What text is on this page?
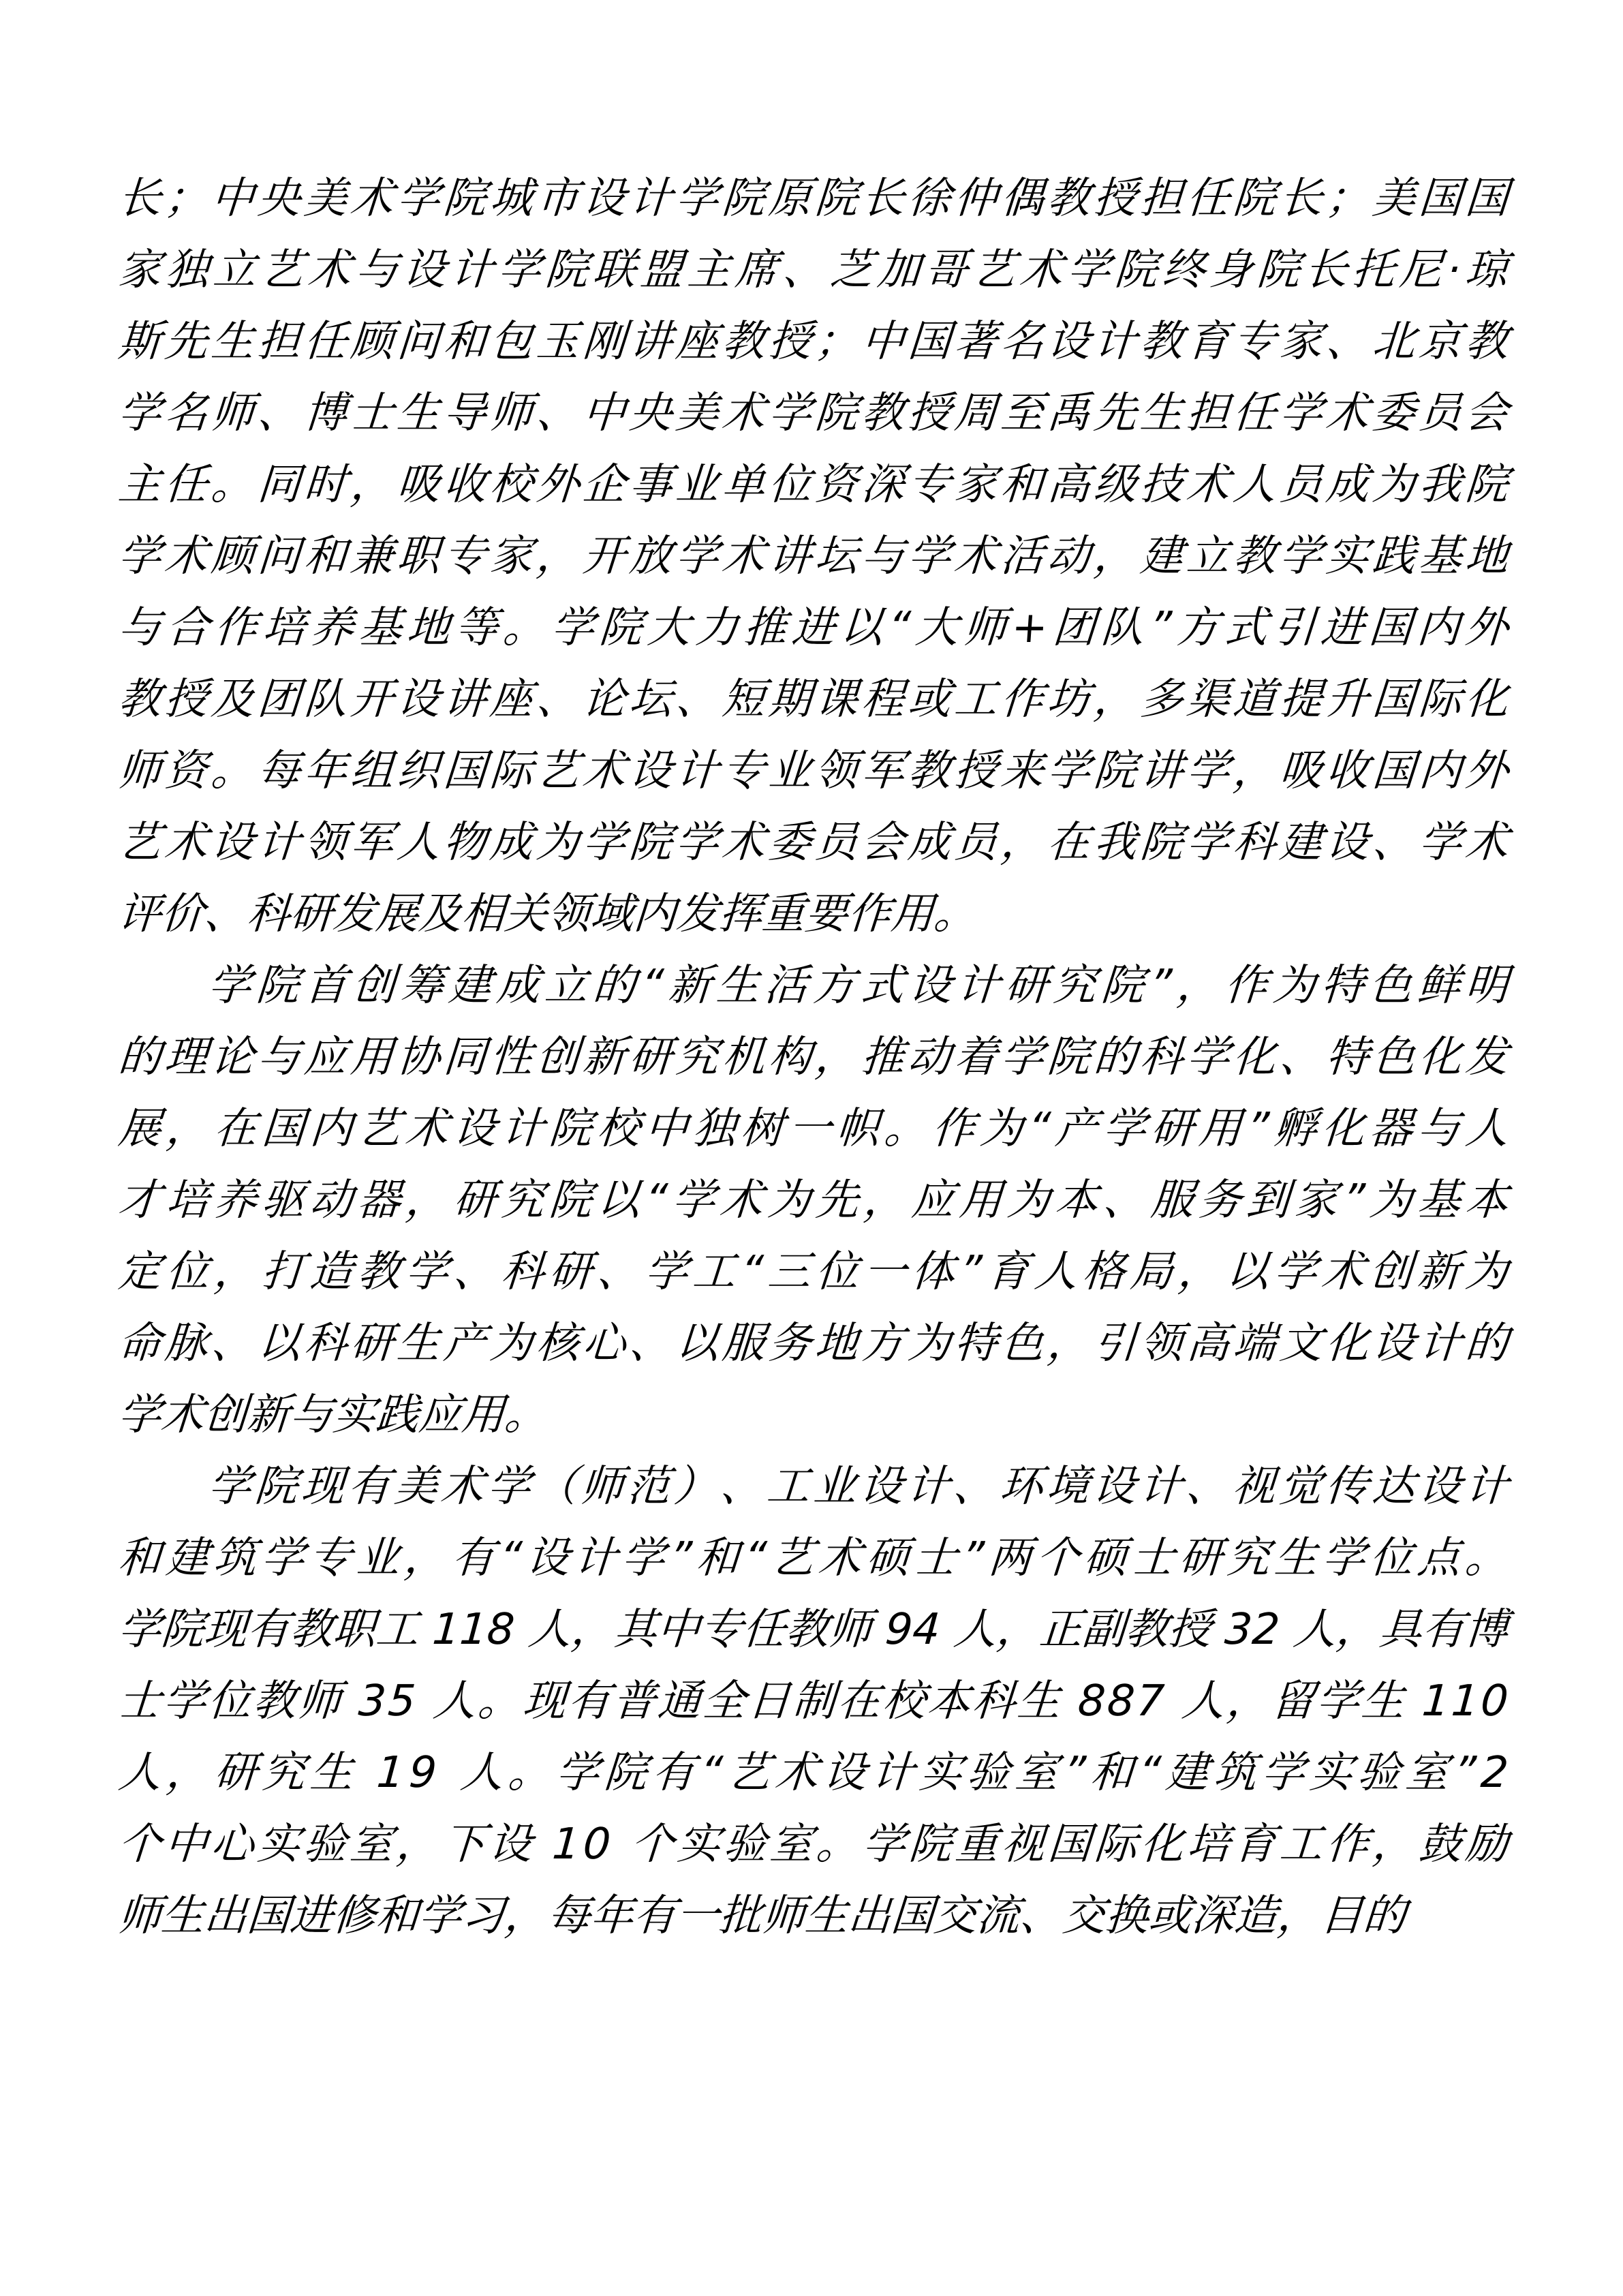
长 ； 中 央 美 术 学 院 城 市 设 计 学 院 原 院 长 徐 仲 偶 教 授 担 任 院 长 ； 美 国 国
家 独 立 艺 术 与 设 计 学 院 联 盟 主 席 、 芝 加 哥 艺 术 学 院 终 身 院 长 托 尼 · 琼
斯 先 生 担 任 顾 问 和 包 玉 刚 讲 座 教 授 ； 中 国 著 名 设 计 教 育 专 家 、 北 京 教
学 名 师 、 博 士 生 导 师 、 中 央 美 术 学 院 教 授 周 至 禹 先 生 担 任 学 术 委 员 会
主 任 。 同 时 ， 吸 收 校 外 企 事 业 单 位 资 深 专 家 和 高 级 技 术 人 员 成 为 我 院
学 术 顾 问 和 兼 职 专 家 ， 开 放 学 术 讲 坛 与 学 术 活 动 ， 建 立 教 学 实 践 基 地
与 合 作 培 养 基 地 等 。 学 院 大 力 推 进 以 “ 大 师 + 团 队 ” 方 式 引 进 国 内 外
教 授 及 团 队 开 设 讲 座 、 论 坛 、 短 期 课 程 或 工 作 坊 ， 多 渠 道 提 升 国 际 化
师 资 。 每 年 组 织 国 际 艺 术 设 计 专 业 领 军 教 授 来 学 院 讲 学 ， 吸 收 国 内 外
艺 术 设 计 领 军 人 物 成 为 学 院 学 术 委 员 会 成 员 ， 在 我 院 学 科 建 设 、 学 术
评价、科研发展及相关领域内发挥重要作用。
学 院 首 创 筹 建 成 立 的 “ 新 生 活 方 式 设 计 研 究 院 ” ， 作 为 特 色 鲜 明
的 理 论 与 应 用 协 同 性 创 新 研 究 机 构 ， 推 动 着 学 院 的 科 学 化 、 特 色 化 发
展 ， 在 国 内 艺 术 设 计 院 校 中 独 树 一 帜 。 作 为 “ 产 学 研 用 ” 孵 化 器 与 人
才 培 养 驱 动 器 ， 研 究 院 以 “ 学 术 为 先 ， 应 用 为 本 、 服 务 到 家 ” 为 基 本
定 位 ， 打 造 教 学 、 科 研 、 学 工 “ 三 位 一 体 ” 育 人 格 局 ， 以 学 术 创 新 为
命 脉 、 以 科 研 生 产 为 核 心 、 以 服 务 地 方 为 特 色 ， 引 领 高 端 文 化 设 计 的
学术创新与实践应用。
学 院 现 有 美 术 学 （ 师 范 ） 、 工 业 设 计 、 环 境 设 计 、 视 觉 传 达 设 计
和 建 筑 学 专 业 ， 有 “ 设 计 学 ” 和 “ 艺 术 硕 士 ” 两 个 硕 士 研 究 生 学 位 点 。
学
院
现
有
教
职
工
1
1
8
人
，
其
中
专
任
教
师
9
4
人
，
正
副
教
授
3
2
人
，
具
有
博
士
学
位
教
师
3
5
人
。
现
有
普
通
全
日
制
在
校
本
科
生
8
8
7
人
，
留
学
生
1
1
0
人 ， 研 究 生
1 9
人 。 学 院 有 “ 艺 术 设 计 实 验 室 ” 和 “ 建 筑 学 实 验 室 ” 2
个 中 心 实 验 室 ， 下 设
1 0
个 实 验 室 。 学 院 重 视 国 际 化 培 育 工 作 ， 鼓 励
师生出国进修和学习，每年有一批师生出国交流、交换或深造，目的
